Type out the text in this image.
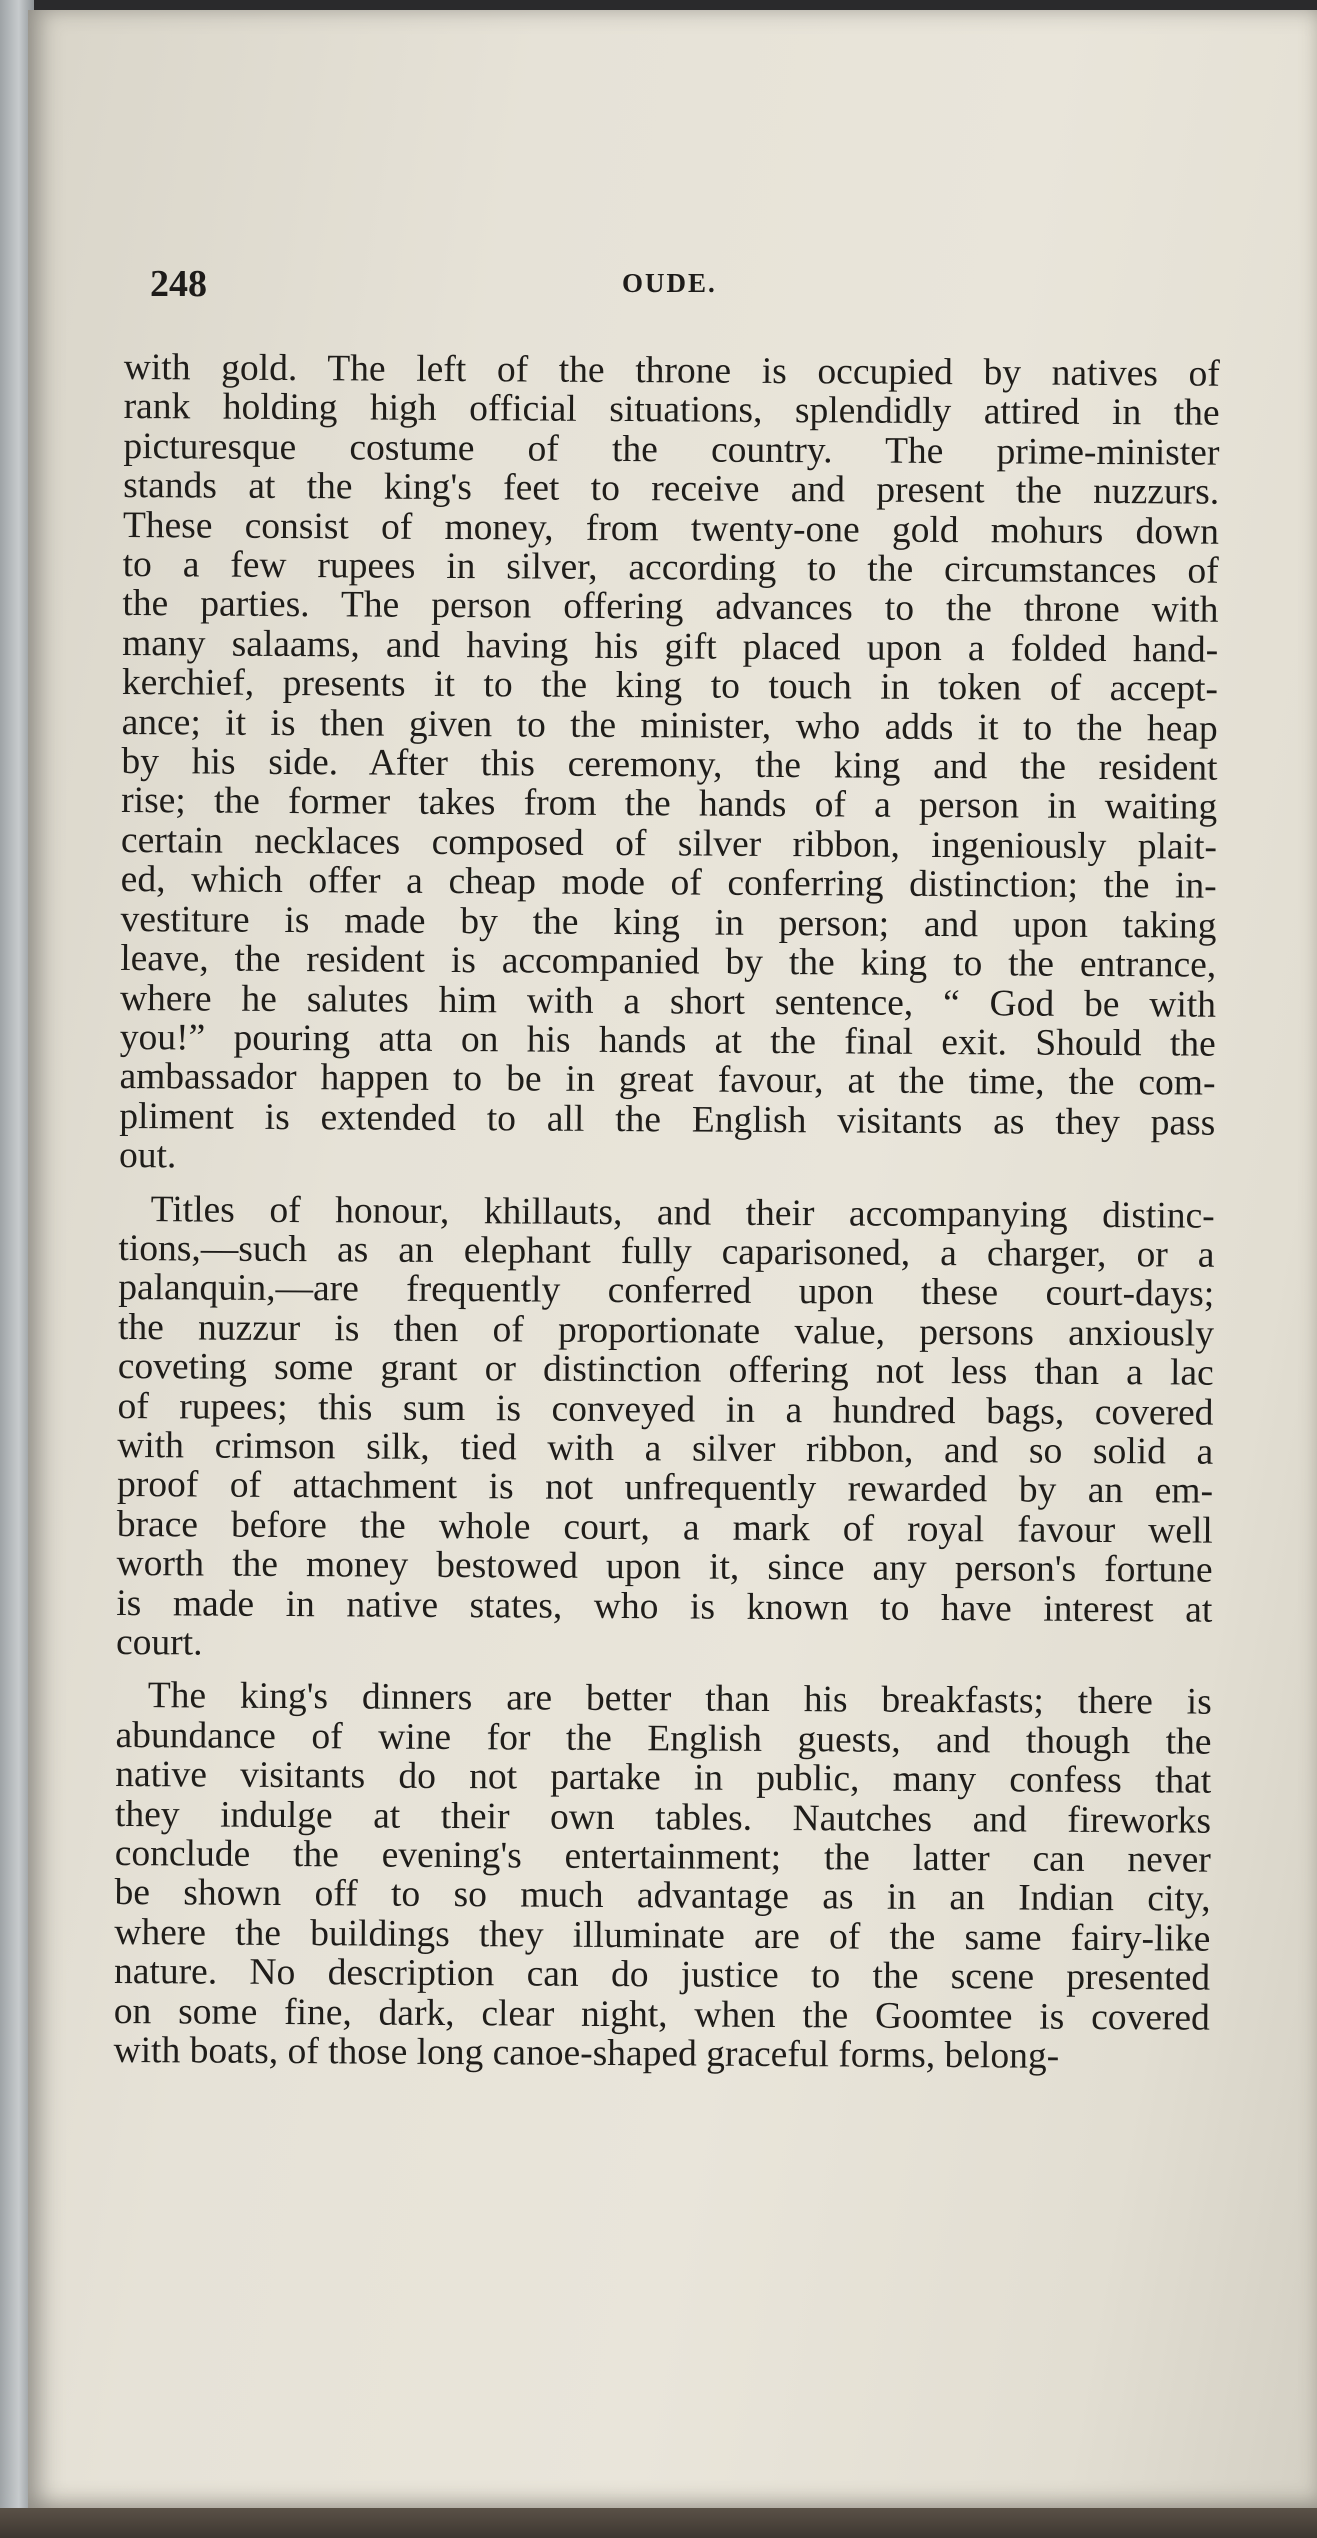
248	OUDE.
with gold. The left of the throne is occupied by natives of
rank holding high official situations, splendidly attired in the
picturesque costume of the country. The prime-minister
stands at the king's feet to receive and present the nuzzurs.
These consist of money, from twenty-one gold mohurs down
to a few rupees in silver, according to the circumstances of
the parties. The person offering advances to the throne with
many salaams, and having his gift placed upon a folded hand-
kerchief, presents it to the king to touch in token of accept-
ance; it is then given to the minister, who adds it to the heap
by his side. After this ceremony, the king and the resident
rise; the former takes from the hands of a person in waiting
certain necklaces composed of silver ribbon, ingeniously plait-
ed, which offer a cheap mode of conferring distinction; the in-
vestiture is made by the king in person; and upon taking
leave, the resident is accompanied by the king to the entrance,
where he salutes him with a short sentence, “ God be with
you!” pouring atta on his hands at the final exit. Should the
ambassador happen to be in great favour, at the time, the com-
pliment is extended to all the English visitants as they pass
out.
Titles of honour, khillauts, and their accompanying distinc-
tions,—such as an elephant fully caparisoned, a charger, or a
palanquin,—are frequently conferred upon these court-days;
the nuzzur is then of proportionate value, persons anxiously
coveting some grant or distinction offering not less than a lac
of rupees; this sum is conveyed in a hundred bags, covered
with crimson silk, tied with a silver ribbon, and so solid a
proof of attachment is not unfrequently rewarded by an em-
brace before the whole court, a mark of royal favour well
worth the money bestowed upon it, since any person's fortune
is made in native states, who is known to have interest at
court.
The king's dinners are better than his breakfasts; there is
abundance of wine for the English guests, and though the
native visitants do not partake in public, many confess that
they indulge at their own tables. Nautches and fireworks
conclude the evening's entertainment; the latter can never
be shown off to so much advantage as in an Indian city,
where the buildings they illuminate are of the same fairy-like
nature. No description can do justice to the scene presented
on some fine, dark, clear night, when the Goomtee is covered
with boats, of those long canoe-shaped graceful forms, belong-
